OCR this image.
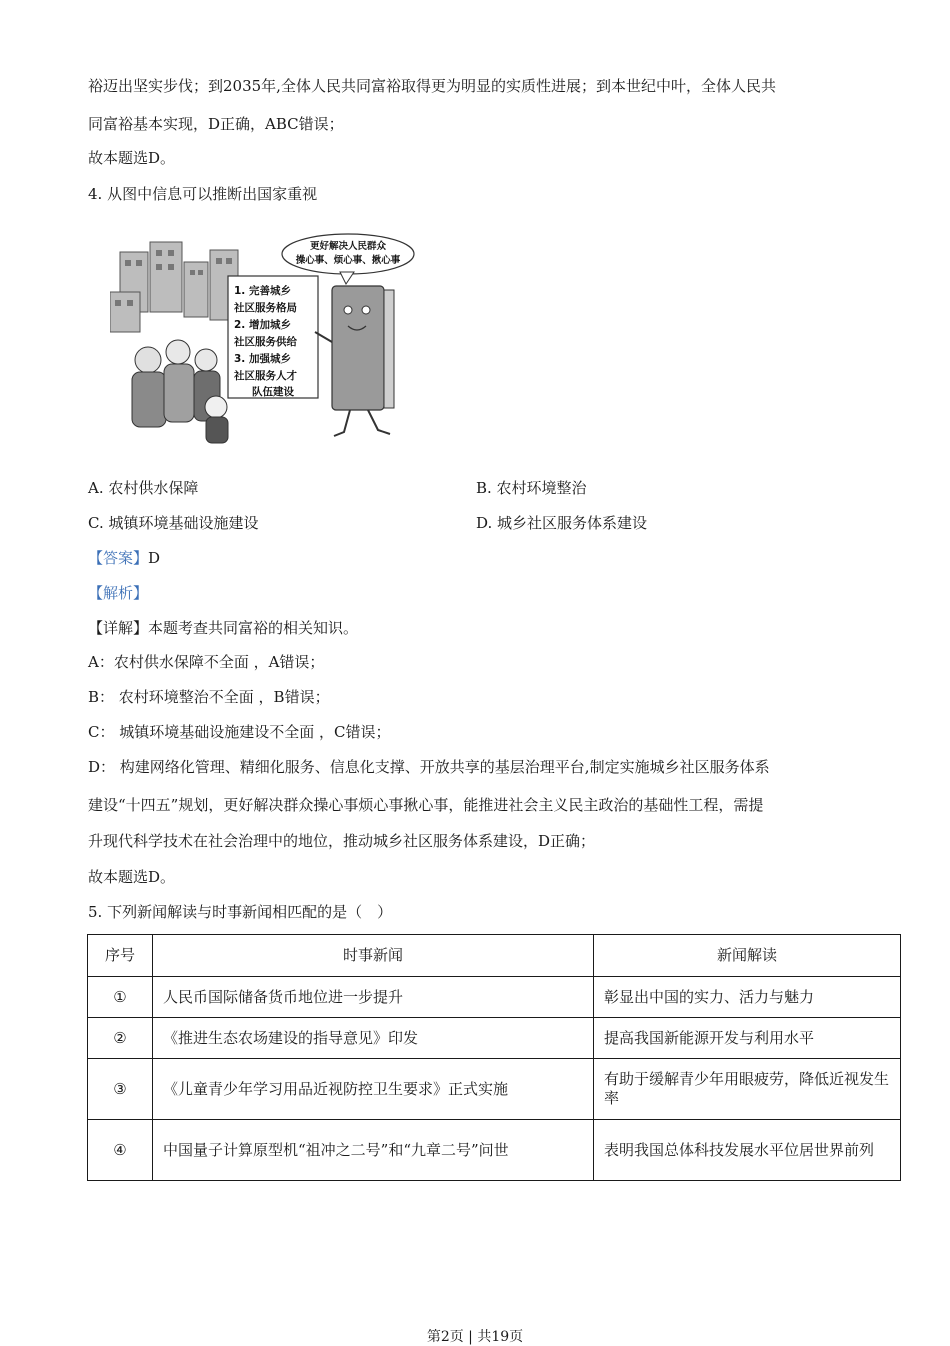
裕迈出坚实步伐；到2035年,全体人民共同富裕取得更为明显的实质性进展；到本世纪中叶，全体人民共
同富裕基本实现，D正确，ABC错误；
故本题选D。
4. 从图中信息可以推断出国家重视
1. 完善城乡
社区服务格局
2. 增加城乡
社区服务供给
3. 加强城乡
社区服务人才
队伍建设
更好解决人民群众
操心事、烦心事、揪心事
A. 农村供水保障	B. 农村环境整治
C. 城镇环境基础设施建设	D. 城乡社区服务体系建设
【答案】D
【解析】
【详解】本题考查共同富裕的相关知识。
A：农村供水保障不全面 ，A错误；
B： 农村环境整治不全面 ，B错误；
C： 城镇环境基础设施建设不全面 ，C错误；
D： 构建网络化管理、精细化服务、信息化支撑、开放共享的基层治理平台,制定实施城乡社区服务体系
建设“十四五”规划，更好解决群众操心事烦心事揪心事，能推进社会主义民主政治的基础性工程，需提
升现代科学技术在社会治理中的地位，推动城乡社区服务体系建设，D正确；
故本题选D。
5. 下列新闻解读与时事新闻相匹配的是（　）
序号	时事新闻	新闻解读
①	人民币国际储备货币地位进一步提升	彰显出中国的实力、活力与魅力
②	《推进生态农场建设的指导意见》印发	提高我国新能源开发与利用水平
③	《儿童青少年学习用品近视防控卫生要求》正式实施	有助于缓解青少年用眼疲劳，降低近视发生率
④	中国量子计算原型机“祖冲之二号”和“九章二号”问世	表明我国总体科技发展水平位居世界前列
第2页 | 共19页
